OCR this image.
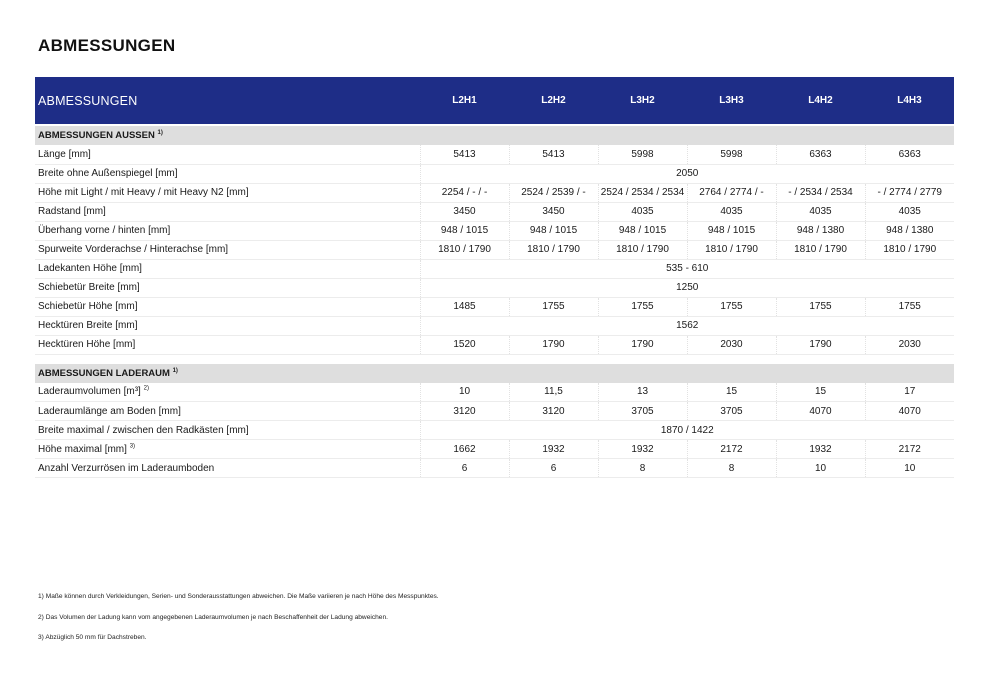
ABMESSUNGEN
ABMESSUNGEN	L2H1	L2H2	L3H2	L3H3	L4H2	L4H3

ABMESSUNGEN AUSSEN $^{1)}$
Länge [mm]	5413	5413	5998	5998	6363	6363
Breite ohne Außenspiegel [mm]	2050					
Höhe mit Light / mit Heavy / mit Heavy N2 [mm]	2254 / - / -	2524 / 2539 / -	2524 / 2534 / 2534	2764 / 2774 / -	- / 2534 / 2534	- / 2774 / 2779
Radstand [mm]	3450	3450	4035	4035	4035	4035
Überhang vorne / hinten [mm]	948 / 1015	948 / 1015	948 / 1015	948 / 1015	948 / 1380	948 / 1380
Spurweite Vorderachse / Hinterachse [mm]	1810 / 1790	1810 / 1790	1810 / 1790	1810 / 1790	1810 / 1790	1810 / 1790
Ladekanten Höhe [mm]	535 - 610					
Schiebetür Breite [mm]	1250					
Schiebetür Höhe [mm]	1485	1755	1755	1755	1755	1755
Hecktüren Breite [mm]	1562					
Hecktüren Höhe [mm]	1520	1790	1790	2030	1790	2030

ABMESSUNGEN LADERAUM $^{1)}$
Laderaumvolumen [m³] $^{2)}$	10	11,5	13	15	15	17
Laderaumlänge am Boden [mm]	3120	3120	3705	3705	4070	4070
Breite maximal / zwischen den Radkästen [mm]	1870 / 1422					
Höhe maximal [mm] $^{3)}$	1662	1932	1932	2172	1932	2172
Anzahl Verzurrösen im Laderaumboden	6	6	8	8	10	10

1) Maße können durch Verkleidungen, Serien- und Sonderausstattungen abweichen. Die Maße variieren je nach Höhe des Messpunktes.

2) Das Volumen der Ladung kann vom angegebenen Laderaumvolumen je nach Beschaffenheit der Ladung abweichen.

3) Abzüglich 50 mm für Dachstreben.
